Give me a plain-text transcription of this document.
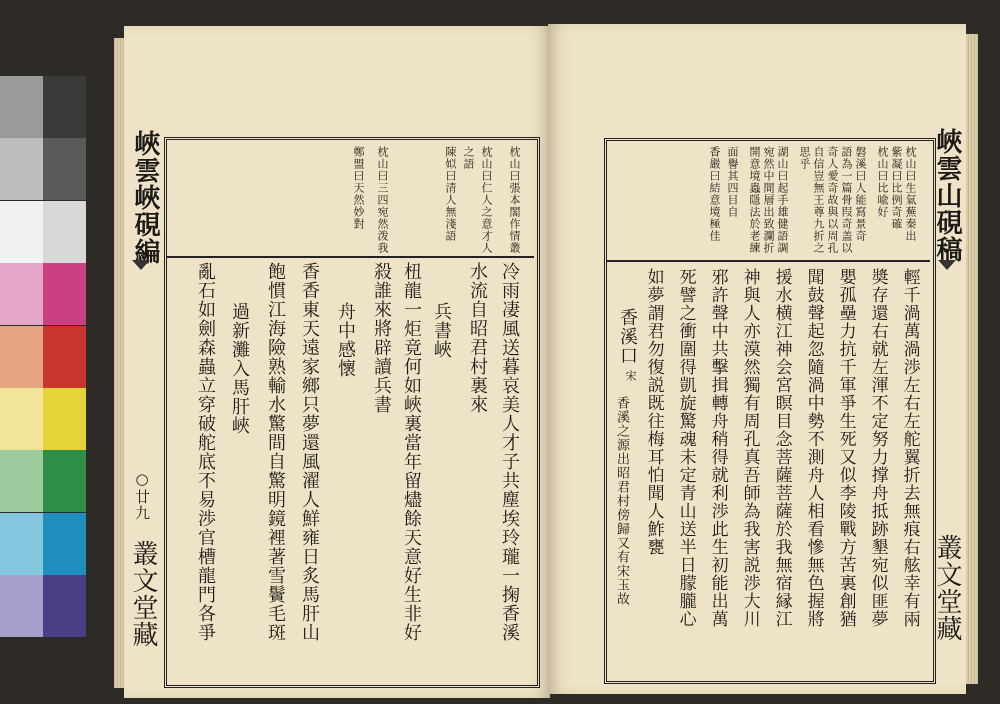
峽雲峽硯編
○廿九
叢文堂藏
枕山曰張本閣作情叢
枕山曰仁人之意才人
之語
陳姒曰清人無淺語
枕山曰三四宛然泼我
鄭盟曰天然妙對
冷雨凄風送暮哀美人才子共塵埃玲瓏一掬香溪
水流自昭君村裏來
兵書峽
杻龍一炬竟何如峽裏當年留燼餘天意好生非好
殺誰來將辟讀兵書
舟中感懷
香香東天遠家鄉只夢還風濯人鮮雍日炙馬肝山
飽慣江海險熟輸水驚間自驚明鏡裡著雪鬢毛斑
過新灘入馬肝峽
亂石如劍森蟲立穿破舵底不易渉官槽龍門各爭
峽雲山硯稿
叢文堂藏
枕山曰生氣蕪秦出
紫凝曰比例奇確
枕山曰比喩好
磐溪曰人能寫景奇
語為一篇骨叚奇盖以
奇人愛奇故與以周孔
自信豈無王尊九折之
思乎
湖山曰起手雄健語調
宛然中間層出致瀾折
開意境蟲隱法於老練
面譽其四目自
香嚴曰結意境極佳
輕千渦萬渦渉左右左舵翼折去無痕右舷幸有兩
奬存還右就左渾不定努力撑舟抵跡墾宛似匪夢
嬰孤壘力抗千軍爭生死又似李陵戰方苦裏創猶
聞鼓聲起忽隨渦中勢不測舟人相看慘無色握將
援水横江神会宮瞑目念菩薩菩薩於我無宿縁江
神與人亦漠然獨有周孔真吾師為我害説渉大川
邪許聲中共擊揖轉舟稍得就利渉此生初能出萬
死譬之衝圍得凱旋驚魂未定青山送半日朦朧心
如夢謂君勿復説既往梅耳怕聞人鮓甕
香溪口
宋
香溪之源出昭君村傍歸又有宋玉故
